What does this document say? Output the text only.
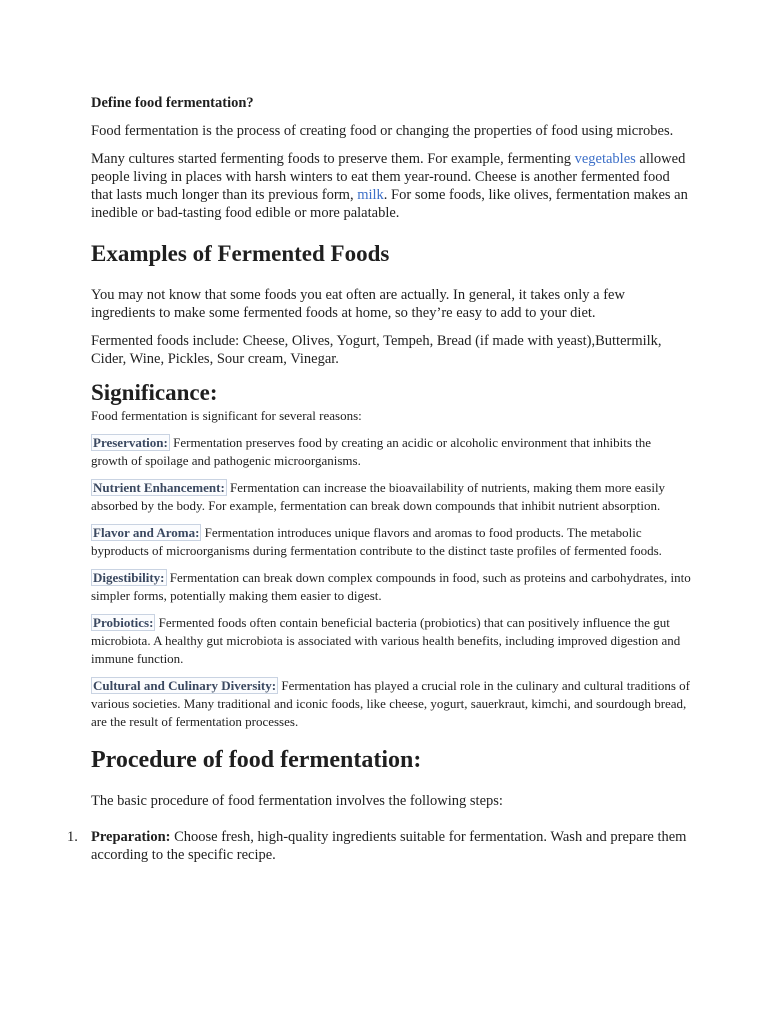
Define food fermentation?

Food fermentation is the process of creating food or changing the properties of food using microbes.

Many cultures started fermenting foods to preserve them. For example, fermenting vegetables allowed people living in places with harsh winters to eat them year-round. Cheese is another fermented food that lasts much longer than its previous form, milk. For some foods, like olives, fermentation makes an inedible or bad-tasting food edible or more palatable.

Examples of Fermented Foods

You may not know that some foods you eat often are actually. In general, it takes only a few ingredients to make some fermented foods at home, so they’re easy to add to your diet.

Fermented foods include: Cheese, Olives, Yogurt, Tempeh, Bread (if made with yeast),Buttermilk, Cider, Wine, Pickles, Sour cream, Vinegar.

Significance:

Food fermentation is significant for several reasons:

Preservation: Fermentation preserves food by creating an acidic or alcoholic environment that inhibits the growth of spoilage and pathogenic microorganisms.

Nutrient Enhancement: Fermentation can increase the bioavailability of nutrients, making them more easily absorbed by the body. For example, fermentation can break down compounds that inhibit nutrient absorption.

Flavor and Aroma: Fermentation introduces unique flavors and aromas to food products. The metabolic byproducts of microorganisms during fermentation contribute to the distinct taste profiles of fermented foods.

Digestibility: Fermentation can break down complex compounds in food, such as proteins and carbohydrates, into simpler forms, potentially making them easier to digest.

Probiotics: Fermented foods often contain beneficial bacteria (probiotics) that can positively influence the gut microbiota. A healthy gut microbiota is associated with various health benefits, including improved digestion and immune function.

Cultural and Culinary Diversity: Fermentation has played a crucial role in the culinary and cultural traditions of various societies. Many traditional and iconic foods, like cheese, yogurt, sauerkraut, kimchi, and sourdough bread, are the result of fermentation processes.

Procedure of food fermentation:

The basic procedure of food fermentation involves the following steps:

1. Preparation: Choose fresh, high-quality ingredients suitable for fermentation. Wash and prepare them according to the specific recipe.
